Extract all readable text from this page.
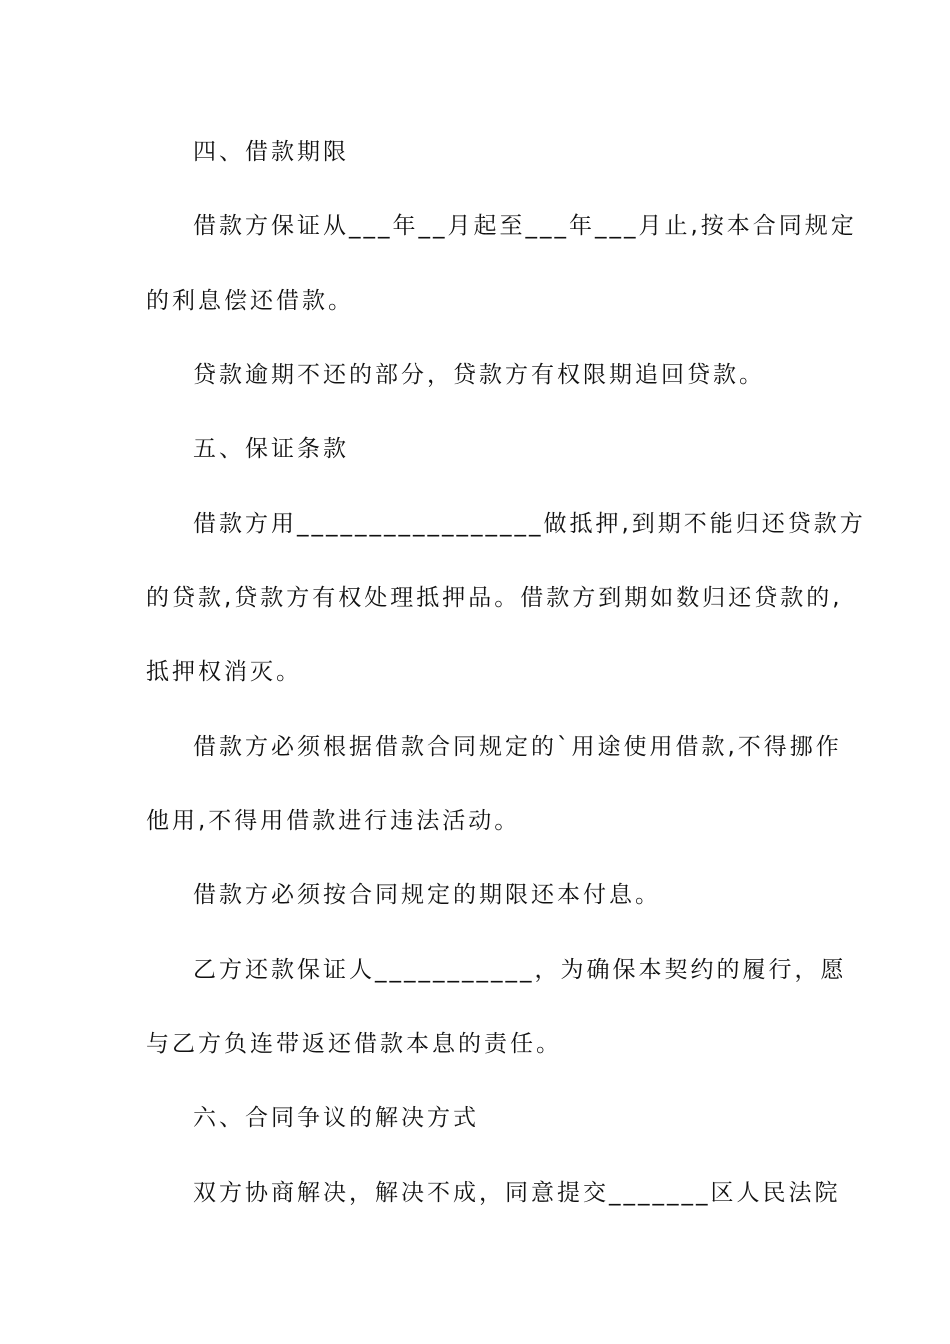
四、借款期限
借款方保证从___年__月起至___年___月止,按本合同规定
的利息偿还借款。
贷款逾期不还的部分，贷款方有权限期追回贷款。
五、保证条款
借款方用_________________做抵押,到期不能归还贷款方
的贷款,贷款方有权处理抵押品。借款方到期如数归还贷款的,
抵押权消灭。
借款方必须根据借款合同规定的`用途使用借款,不得挪作
他用,不得用借款进行违法活动。
借款方必须按合同规定的期限还本付息。
乙方还款保证人___________，为确保本契约的履行，愿
与乙方负连带返还借款本息的责任。
六、合同争议的解决方式
双方协商解决，解决不成，同意提交_______区人民法院
